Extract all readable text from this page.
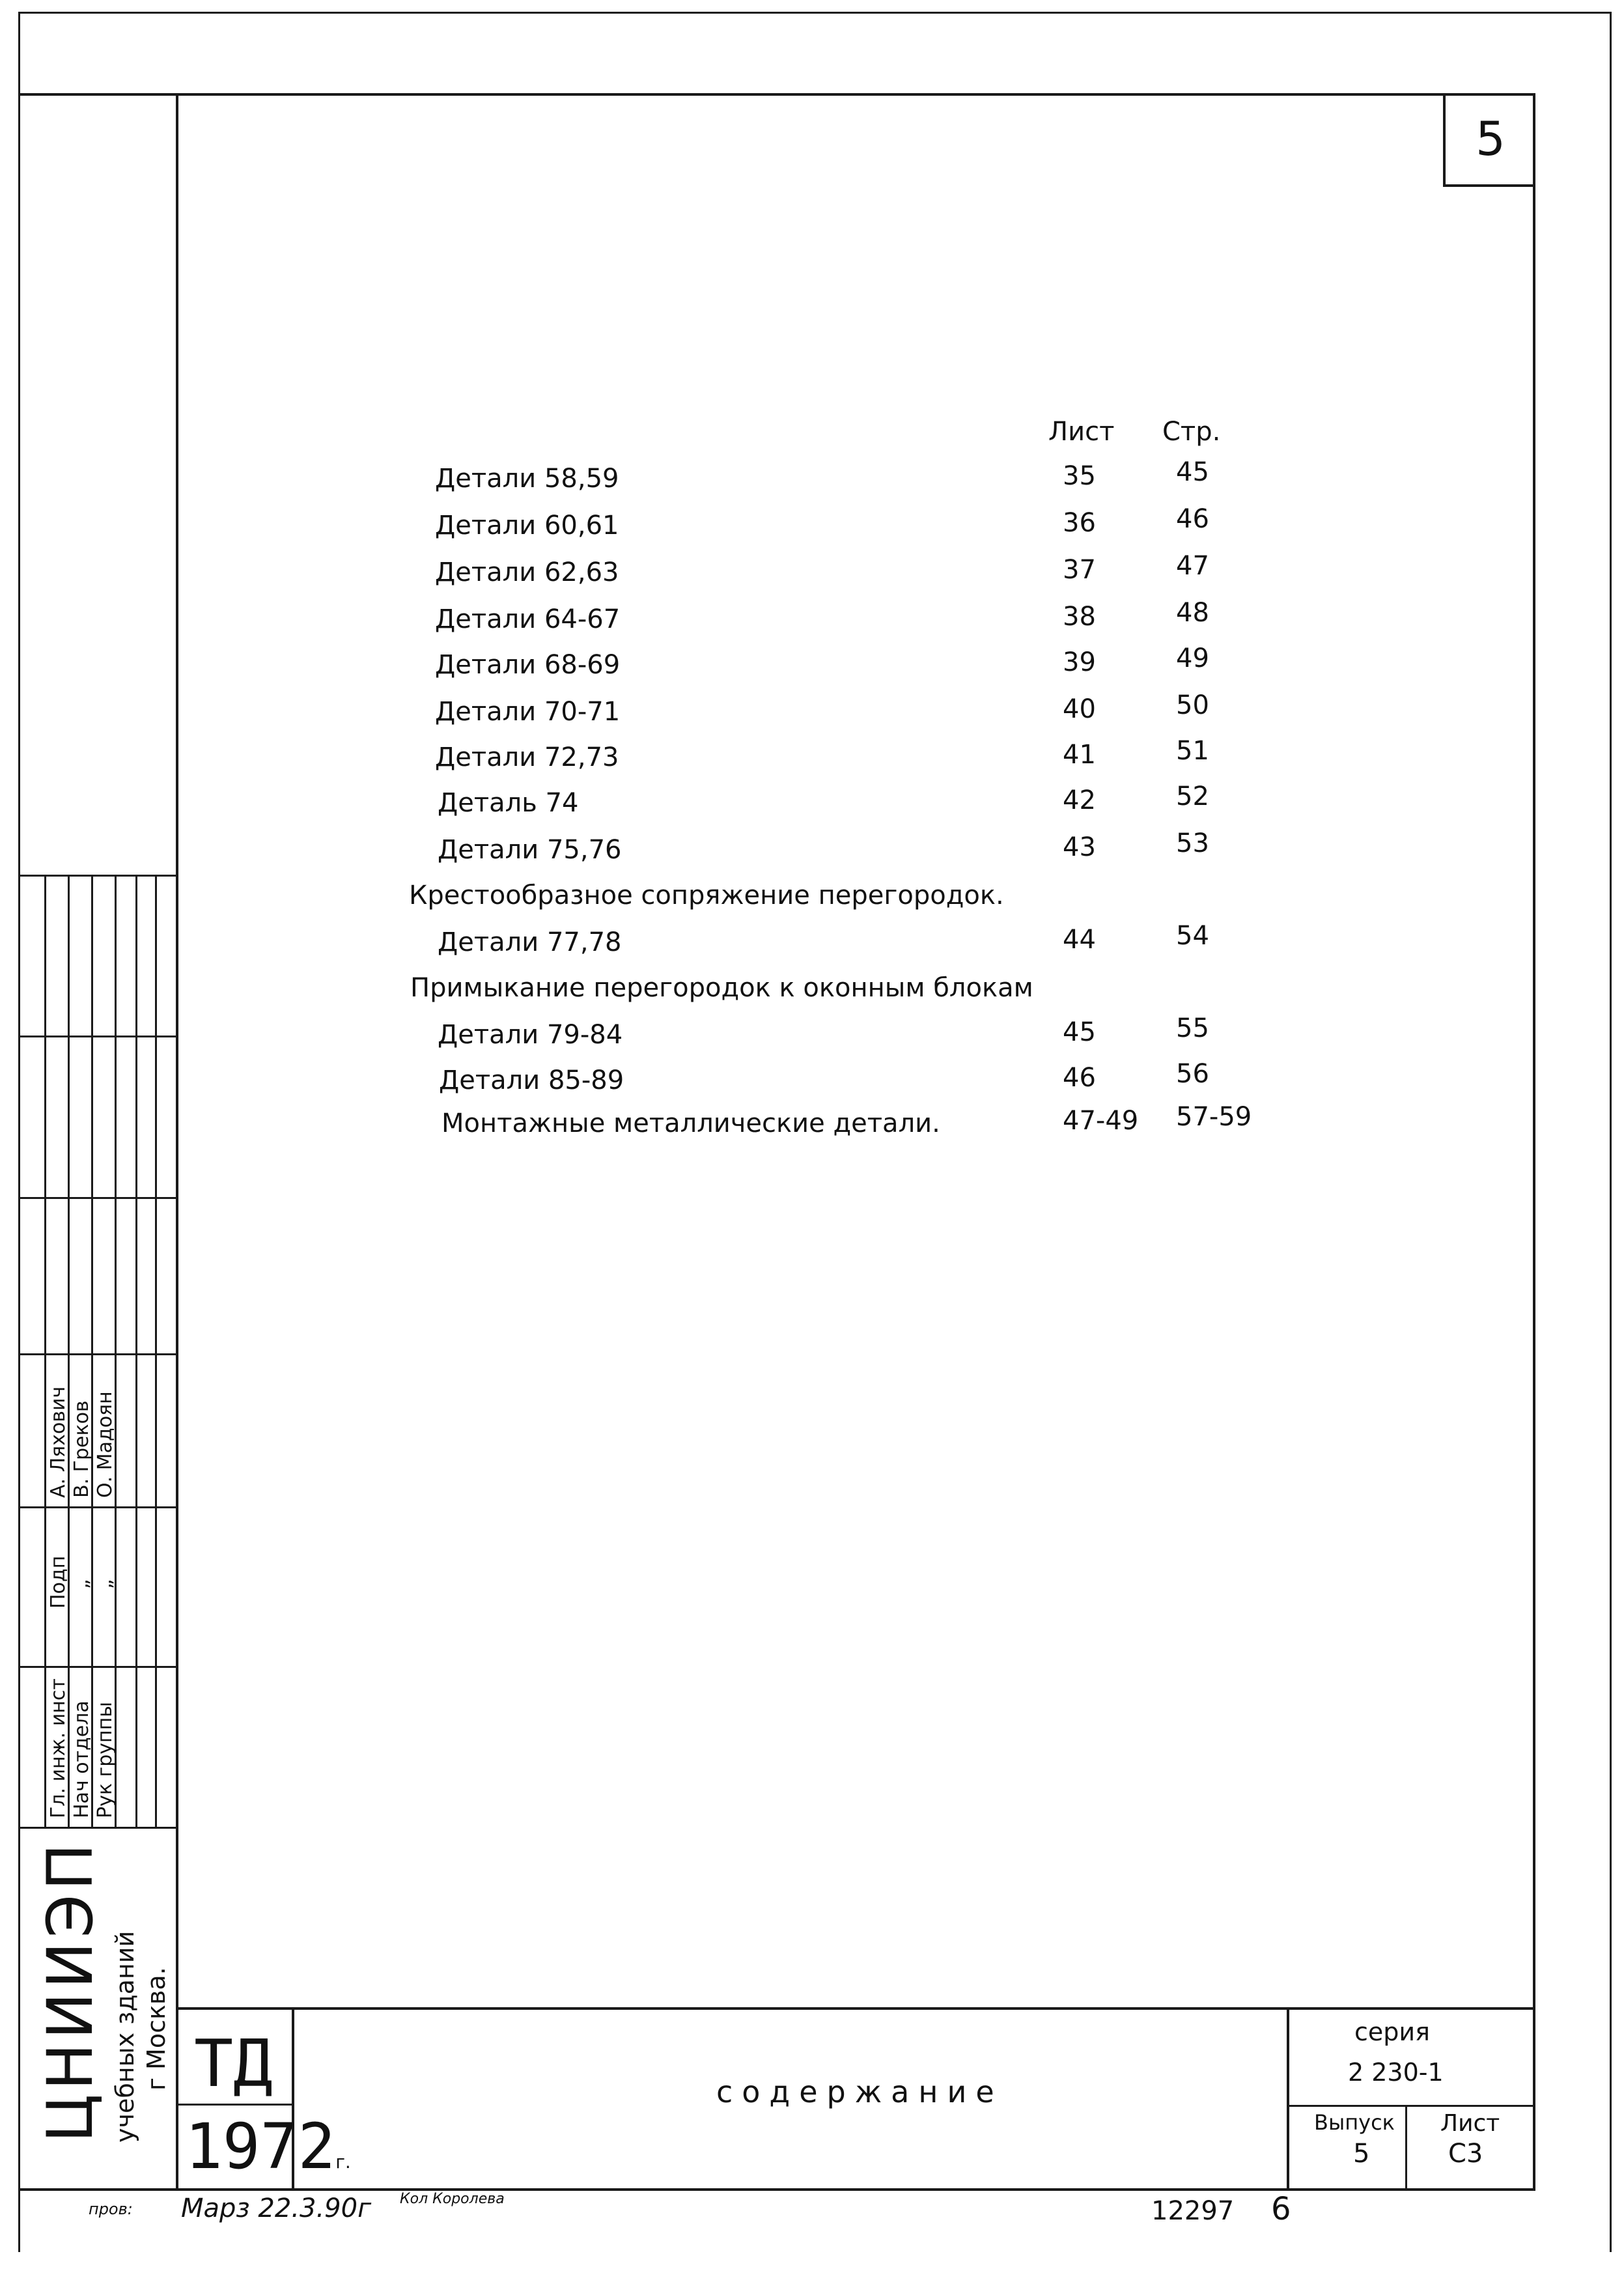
5
Лист Стр.
Детали 58,59	35	45
Детали 60,61	36	46
Детали 62,63	37	47
Детали 64-67	38	48
Детали 68-69	39	49
Детали 70-71	40	50
Детали 72,73	41	51
Деталь 74	42	52
Детали 75,76	43	53
Крестообразное сопряжение перегородок.
Детали 77,78	44	54
Примыкание перегородок к оконным блокам
Детали 79-84	45	55
Детали 85-89	46	56
Монтажные металлические детали.	47-49 57-59
Гл. инж. инст Нач отдела Рук группы
Подп „ „
А. Ляхович В. Греков О. Мадоян
ЦНИИЭП учебных зданий г Москва. ТД
1972г.
содержание
серия
2 230-1
Выпуск
5
Лист
С3
пров: Марз 22.3.90г Кол Королева	12297 6
